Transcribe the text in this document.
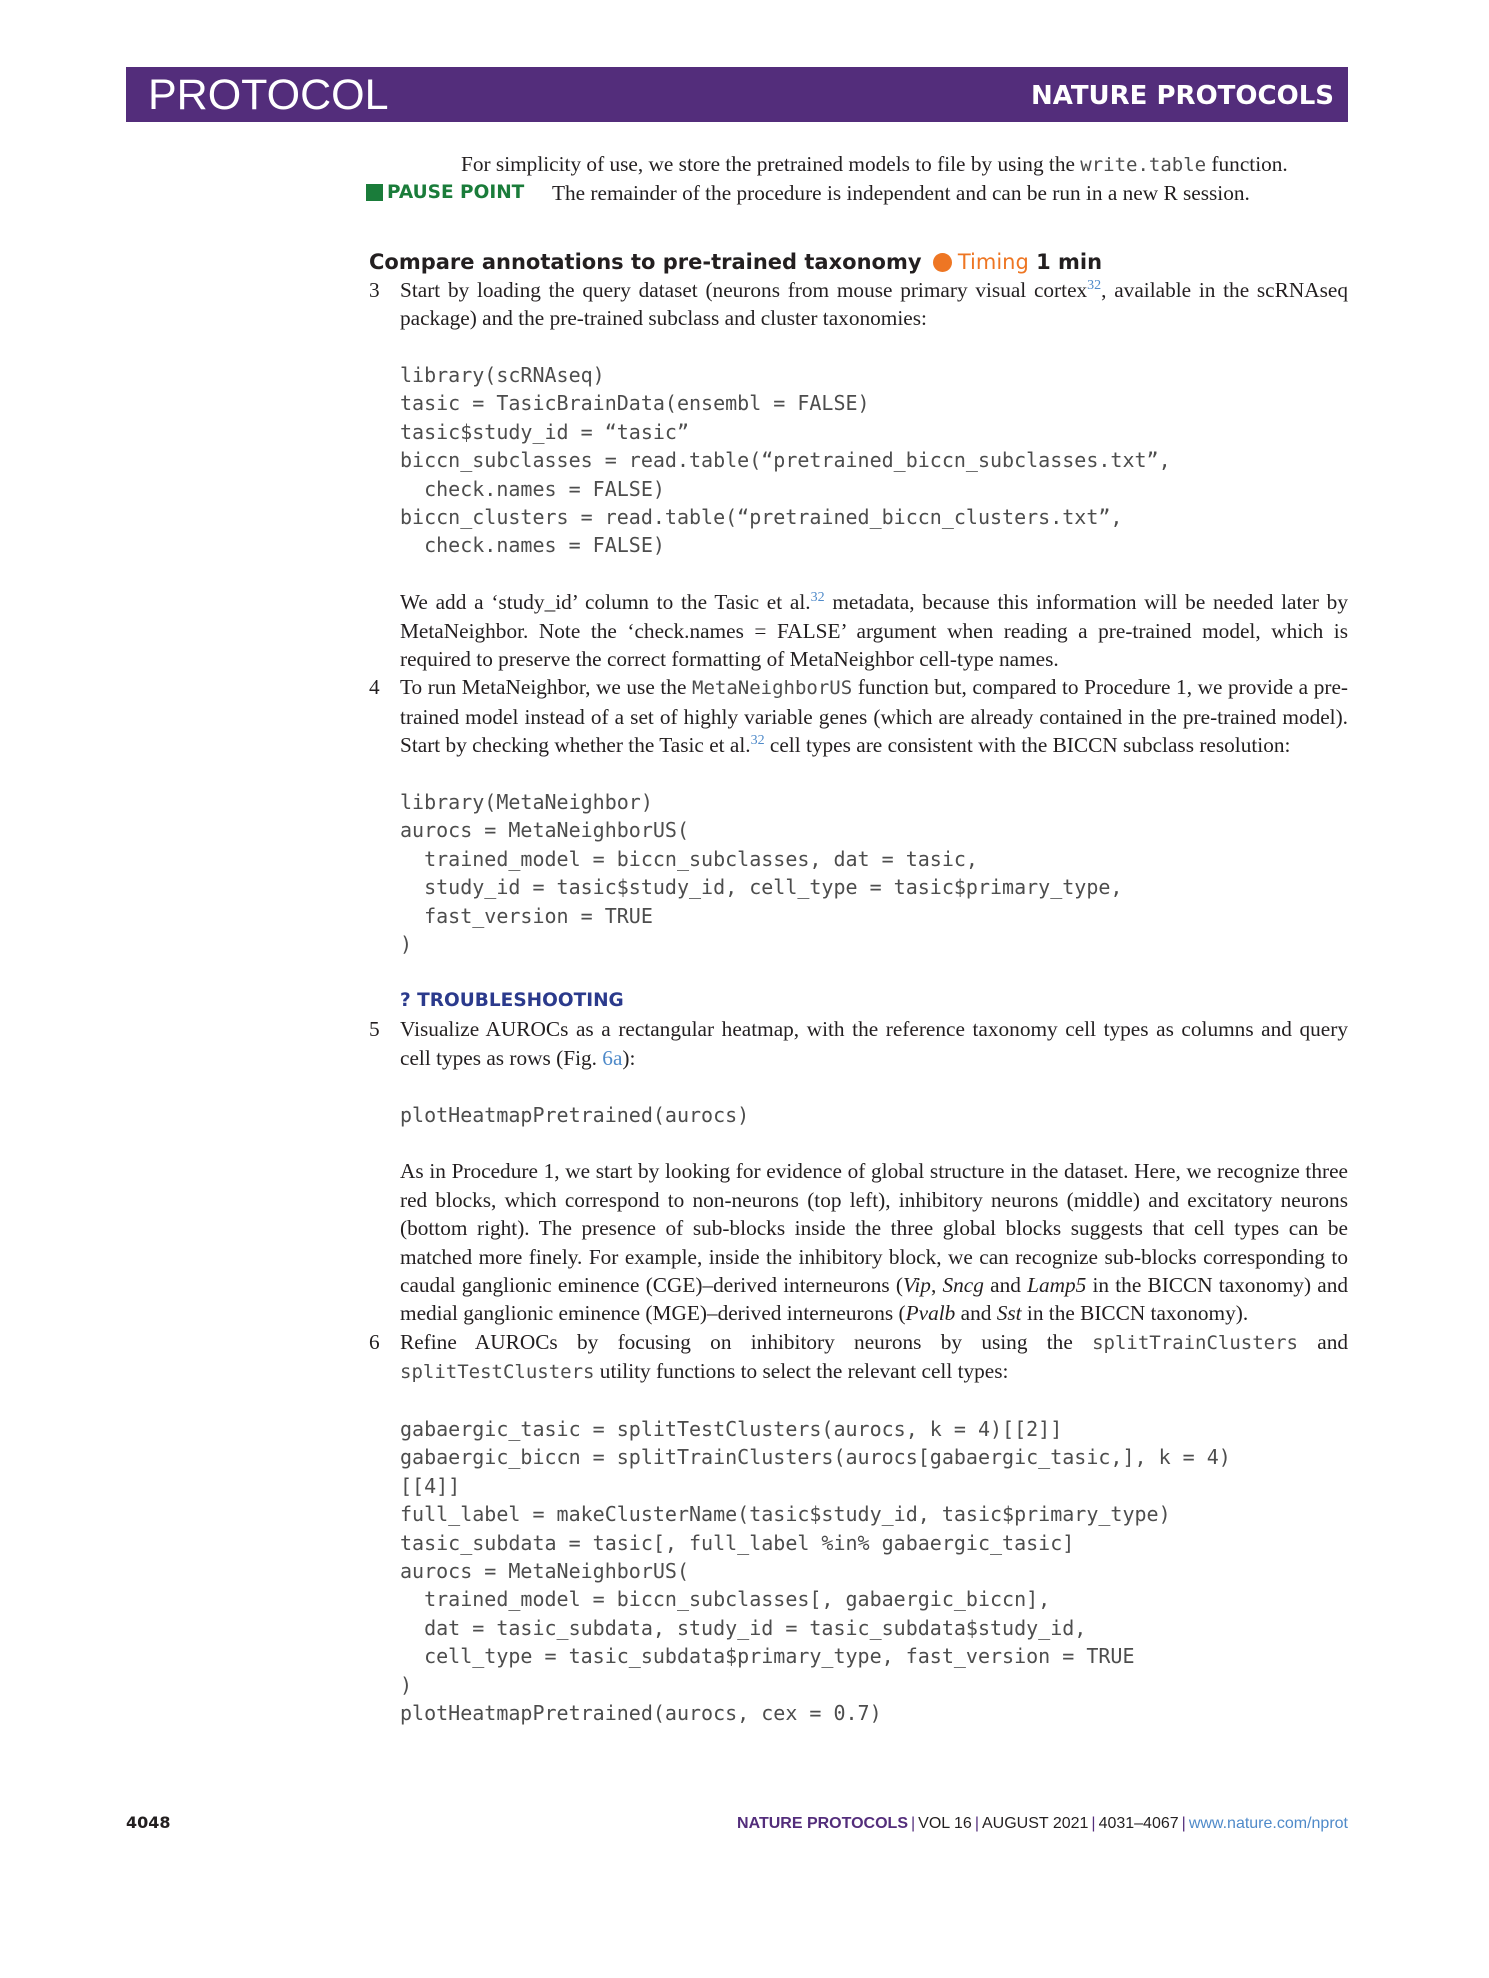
PROTOCOL	NATURE PROTOCOLS

For simplicity of use, we store the pretrained models to file by using the write.table function.

PAUSE POINT	The remainder of the procedure is independent and can be run in a new R session.
Compare annotations to pre-trained taxonomy Timing 1 min
3 Start by loading the query dataset (neurons from mouse primary visual cortex$^{32}$, available in the scRNAseq package) and the pre-trained subclass and cluster taxonomies:

library(scRNAseq)
tasic = TasicBrainData(ensembl = FALSE)
tasic$study_id = “tasic”
biccn_subclasses = read.table(“pretrained_biccn_subclasses.txt”,
check.names = FALSE)
biccn_clusters = read.table(“pretrained_biccn_clusters.txt”,
check.names = FALSE)

We add a ‘study_id’ column to the Tasic et al.$^{32}$ metadata, because this information will be needed later by MetaNeighbor. Note the ‘check.names = FALSE’ argument when reading a pre-trained model, which is required to preserve the correct formatting of MetaNeighbor cell-type names.

4 To run MetaNeighbor, we use the MetaNeighborUS function but, compared to Procedure 1, we provide a pre-trained model instead of a set of highly variable genes (which are already contained in the pre-trained model). Start by checking whether the Tasic et al.$^{32}$ cell types are consistent with the BICCN subclass resolution:

library(MetaNeighbor)
aurocs = MetaNeighborUS(
trained_model = biccn_subclasses, dat = tasic,
study_id = tasic$study_id, cell_type = tasic$primary_type,
fast_version = TRUE
)
? TROUBLESHOOTING
5 Visualize AUROCs as a rectangular heatmap, with the reference taxonomy cell types as columns and query cell types as rows (Fig. 6a):

plotHeatmapPretrained(aurocs)

As in Procedure 1, we start by looking for evidence of global structure in the dataset. Here, we recognize three red blocks, which correspond to non-neurons (top left), inhibitory neurons (middle) and excitatory neurons (bottom right). The presence of sub-blocks inside the three global blocks suggests that cell types can be matched more finely. For example, inside the inhibitory block, we can recognize sub-blocks corresponding to caudal ganglionic eminence (CGE)–derived interneurons (Vip, Sncg and Lamp5 in the BICCN taxonomy) and medial ganglionic eminence (MGE)–derived interneurons (Pvalb and Sst in the BICCN taxonomy).

6 Refine AUROCs by focusing on inhibitory neurons by using the splitTrainClusters and splitTestClusters utility functions to select the relevant cell types:

gabaergic_tasic = splitTestClusters(aurocs, k = 4)[[2]]
gabaergic_biccn = splitTrainClusters(aurocs[gabaergic_tasic,], k = 4)
[[4]]
full_label = makeClusterName(tasic$study_id, tasic$primary_type)
tasic_subdata = tasic[, full_label %in% gabaergic_tasic]
aurocs = MetaNeighborUS(
trained_model = biccn_subclasses[, gabaergic_biccn],
dat = tasic_subdata, study_id = tasic_subdata$study_id,
cell_type = tasic_subdata$primary_type, fast_version = TRUE
)
plotHeatmapPretrained(aurocs, cex = 0.7)
4048	NATURE PROTOCOLS | VOL 16 | AUGUST 2021 | 4031–4067 | www.nature.com/nprot
